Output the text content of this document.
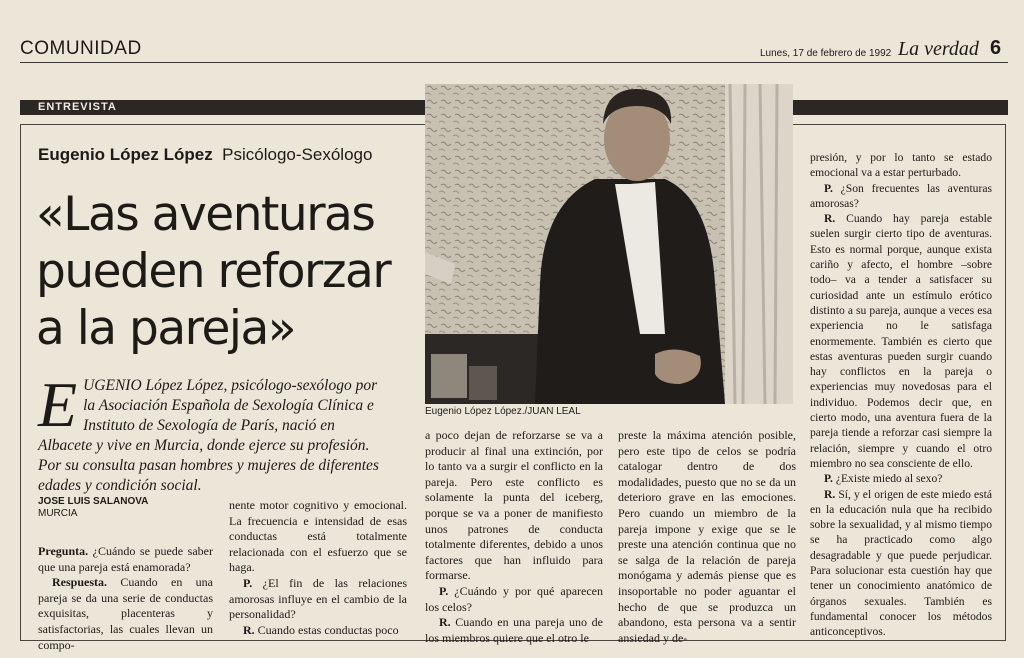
COMUNIDAD	Lunes, 17 de febrero de 1992 La verdad 6
ENTREVISTA
Eugenio López López Psicólogo-Sexólogo
«Las aventuras pueden reforzar a la pareja»
Eugenio López López./JUAN LEAL
EUGENIO López López, psicólogo-sexólogo por la Asociación Española de Sexología Clínica e Instituto de Sexología de París, nació en Albacete y vive en Murcia, donde ejerce su profesión. Por su consulta pasan hombres y mujeres de diferentes edades y condición social.
JOSE LUIS SALANOVA
MURCIA

Pregunta. ¿Cuándo se puede saber que una pareja está enamorada?

Respuesta. Cuando en una pareja se da una serie de conductas exquisitas, placenteras y satisfactorias, las cuales llevan un compo-

nente motor cognitivo y emocional. La frecuencia e intensidad de esas conductas está totalmente relacionada con el esfuerzo que se haga.

P. ¿El fin de las relaciones amorosas influye en el cambio de la personalidad?

R. Cuando estas conductas poco

a poco dejan de reforzarse se va a producir al final una extinción, por lo tanto va a surgir el conflicto en la pareja. Pero este conflicto es solamente la punta del iceberg, porque se va a poner de manifiesto unos patrones de conducta totalmente diferentes, debido a unos factores que han influido para formarse.

P. ¿Cuándo y por qué aparecen los celos?

R. Cuando en una pareja uno de los miembros quiere que el otro le

preste la máxima atención posible, pero este tipo de celos se podría catalogar dentro de dos modalidades, puesto que no se da un deterioro grave en las emociones. Pero cuando un miembro de la pareja impone y exige que se le preste una atención continua que no se salga de la relación de pareja monógama y además piense que es insoportable no poder aguantar el hecho de que se produzca un abandono, esta persona va a sentir ansiedad y de-

presión, y por lo tanto se estado emocional va a estar perturbado.

P. ¿Son frecuentes las aventuras amorosas?

R. Cuando hay pareja estable suelen surgir cierto tipo de aventuras. Esto es normal porque, aunque exista cariño y afecto, el hombre –sobre todo– va a tender a satisfacer su curiosidad ante un estímulo erótico distinto a su pareja, aunque a veces esa experiencia no le satisfaga enormemente. También es cierto que estas aventuras pueden surgir cuando hay conflictos en la pareja o experiencias muy novedosas para el individuo. Podemos decir que, en cierto modo, una aventura fuera de la pareja tiende a reforzar casi siempre la relación, siempre y cuando el otro miembro no sea consciente de ello.

P. ¿Existe miedo al sexo?

R. Sí, y el origen de este miedo está en la educación nula que ha recibido sobre la sexualidad, y al mismo tiempo se ha practicado como algo desagradable y que puede perjudicar. Para solucionar esta cuestión hay que tener un conocimiento anatómico de órganos sexuales. También es fundamental conocer los métodos anticonceptivos.
